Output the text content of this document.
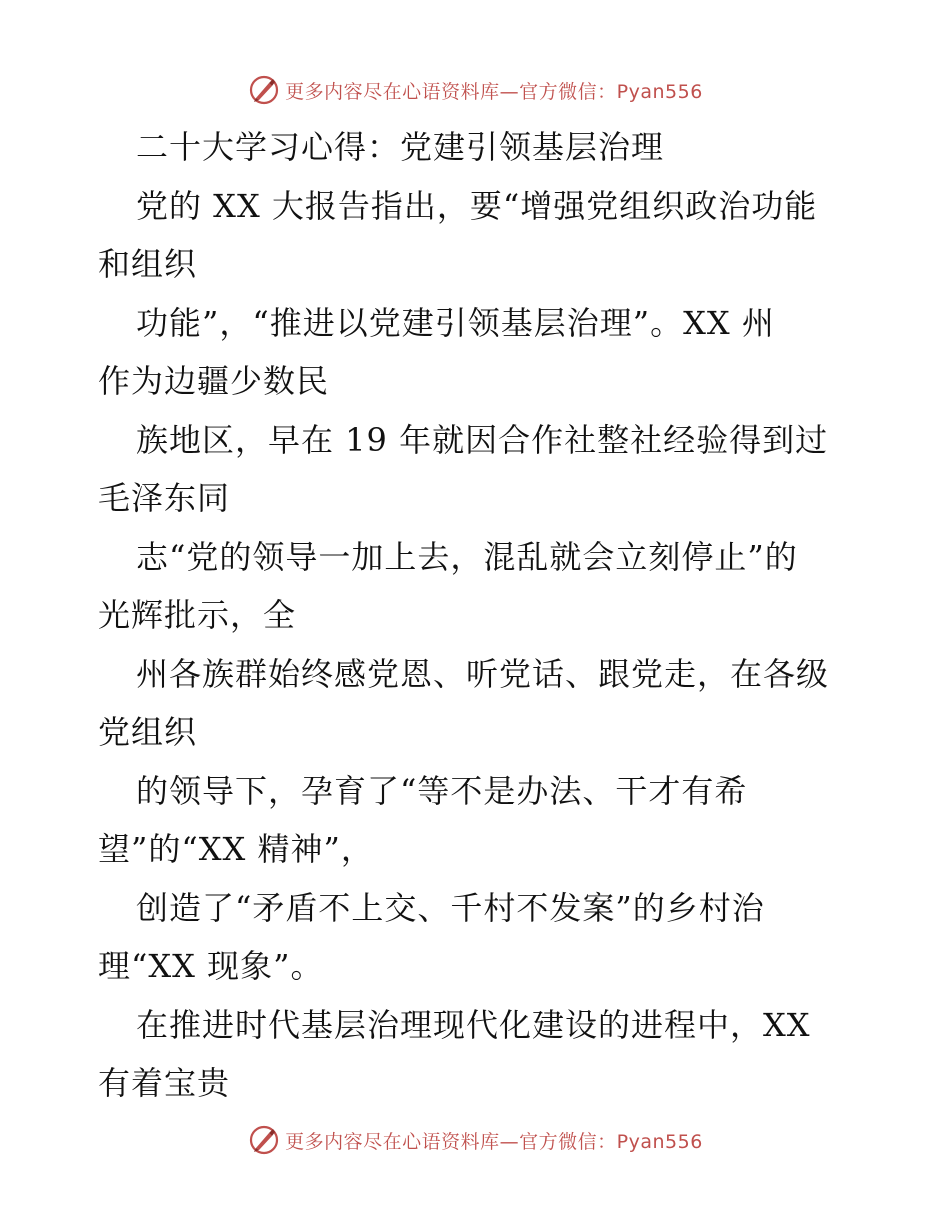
更多内容尽在心语资料库—官方微信：Pyan556
二十大学习心得：党建引领基层治理
党的 XX 大报告指出，要“增强党组织政治功能
和组织
功能”，“推进以党建引领基层治理”。XX 州
作为边疆少数民
族地区，早在 19 年就因合作社整社经验得到过
毛泽东同
志“党的领导一加上去，混乱就会立刻停止”的
光辉批示，全
州各族群始终感党恩、听党话、跟党走，在各级
党组织
的领导下，孕育了“等不是办法、干才有希
望”的“XX 精神”，
创造了“矛盾不上交、千村不发案”的乡村治
理“XX 现象”。
在推进时代基层治理现代化建设的进程中，XX
有着宝贵
更多内容尽在心语资料库—官方微信：Pyan556
